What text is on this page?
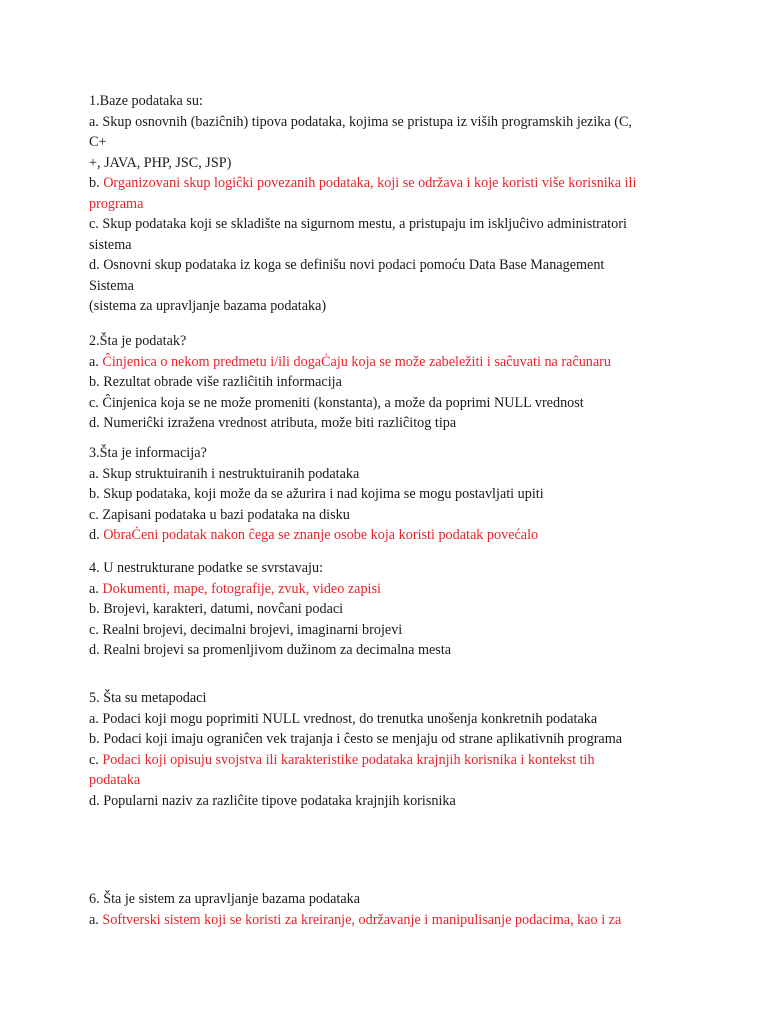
1.Baze podataka su:
a. Skup osnovnih (baziĉnih) tipova podataka, kojima se pristupa iz viših programskih jezika (C,
C+
+, JAVA, PHP, JSC, JSP)
b. Organizovani skup logiĉki povezanih podataka, koji se održava i koje koristi više korisnika ili
programa
c. Skup podataka koji se skladište na sigurnom mestu, a pristupaju im iskljuĉivo administratori
sistema
d. Osnovni skup podataka iz koga se definišu novi podaci pomoću Data Base Management
Sistema
(sistema za upravljanje bazama podataka)
2.Šta je podatak?
a. Ĉinjenica o nekom predmetu i/ili dogaĊaju koja se može zabeležiti i saĉuvati na raĉunaru
b. Rezultat obrade više razliĉitih informacija
c. Ĉinjenica koja se ne može promeniti (konstanta), a može da poprimi NULL vrednost
d. Numeriĉki izražena vrednost atributa, može biti razliĉitog tipa
3.Šta je informacija?
a. Skup struktuiranih i nestruktuiranih podataka
b. Skup podataka, koji može da se ažurira i nad kojima se mogu postavljati upiti
c. Zapisani podataka u bazi podataka na disku
d. ObraĊeni podatak nakon ĉega se znanje osobe koja koristi podatak povećalo
4. U nestrukturane podatke se svrstavaju:
a. Dokumenti, mape, fotografije, zvuk, video zapisi
b. Brojevi, karakteri, datumi, novĉani podaci
c. Realni brojevi, decimalni brojevi, imaginarni brojevi
d. Realni brojevi sa promenljivom dužinom za decimalna mesta
5. Šta su metapodaci
a. Podaci koji mogu poprimiti NULL vrednost, do trenutka unošenja konkretnih podataka
b. Podaci koji imaju ograniĉen vek trajanja i ĉesto se menjaju od strane aplikativnih programa
c. Podaci koji opisuju svojstva ili karakteristike podataka krajnjih korisnika i kontekst tih
podataka
d. Popularni naziv za razliĉite tipove podataka krajnjih korisnika
6. Šta je sistem za upravljanje bazama podataka
a. Softverski sistem koji se koristi za kreiranje, održavanje i manipulisanje podacima, kao i za
